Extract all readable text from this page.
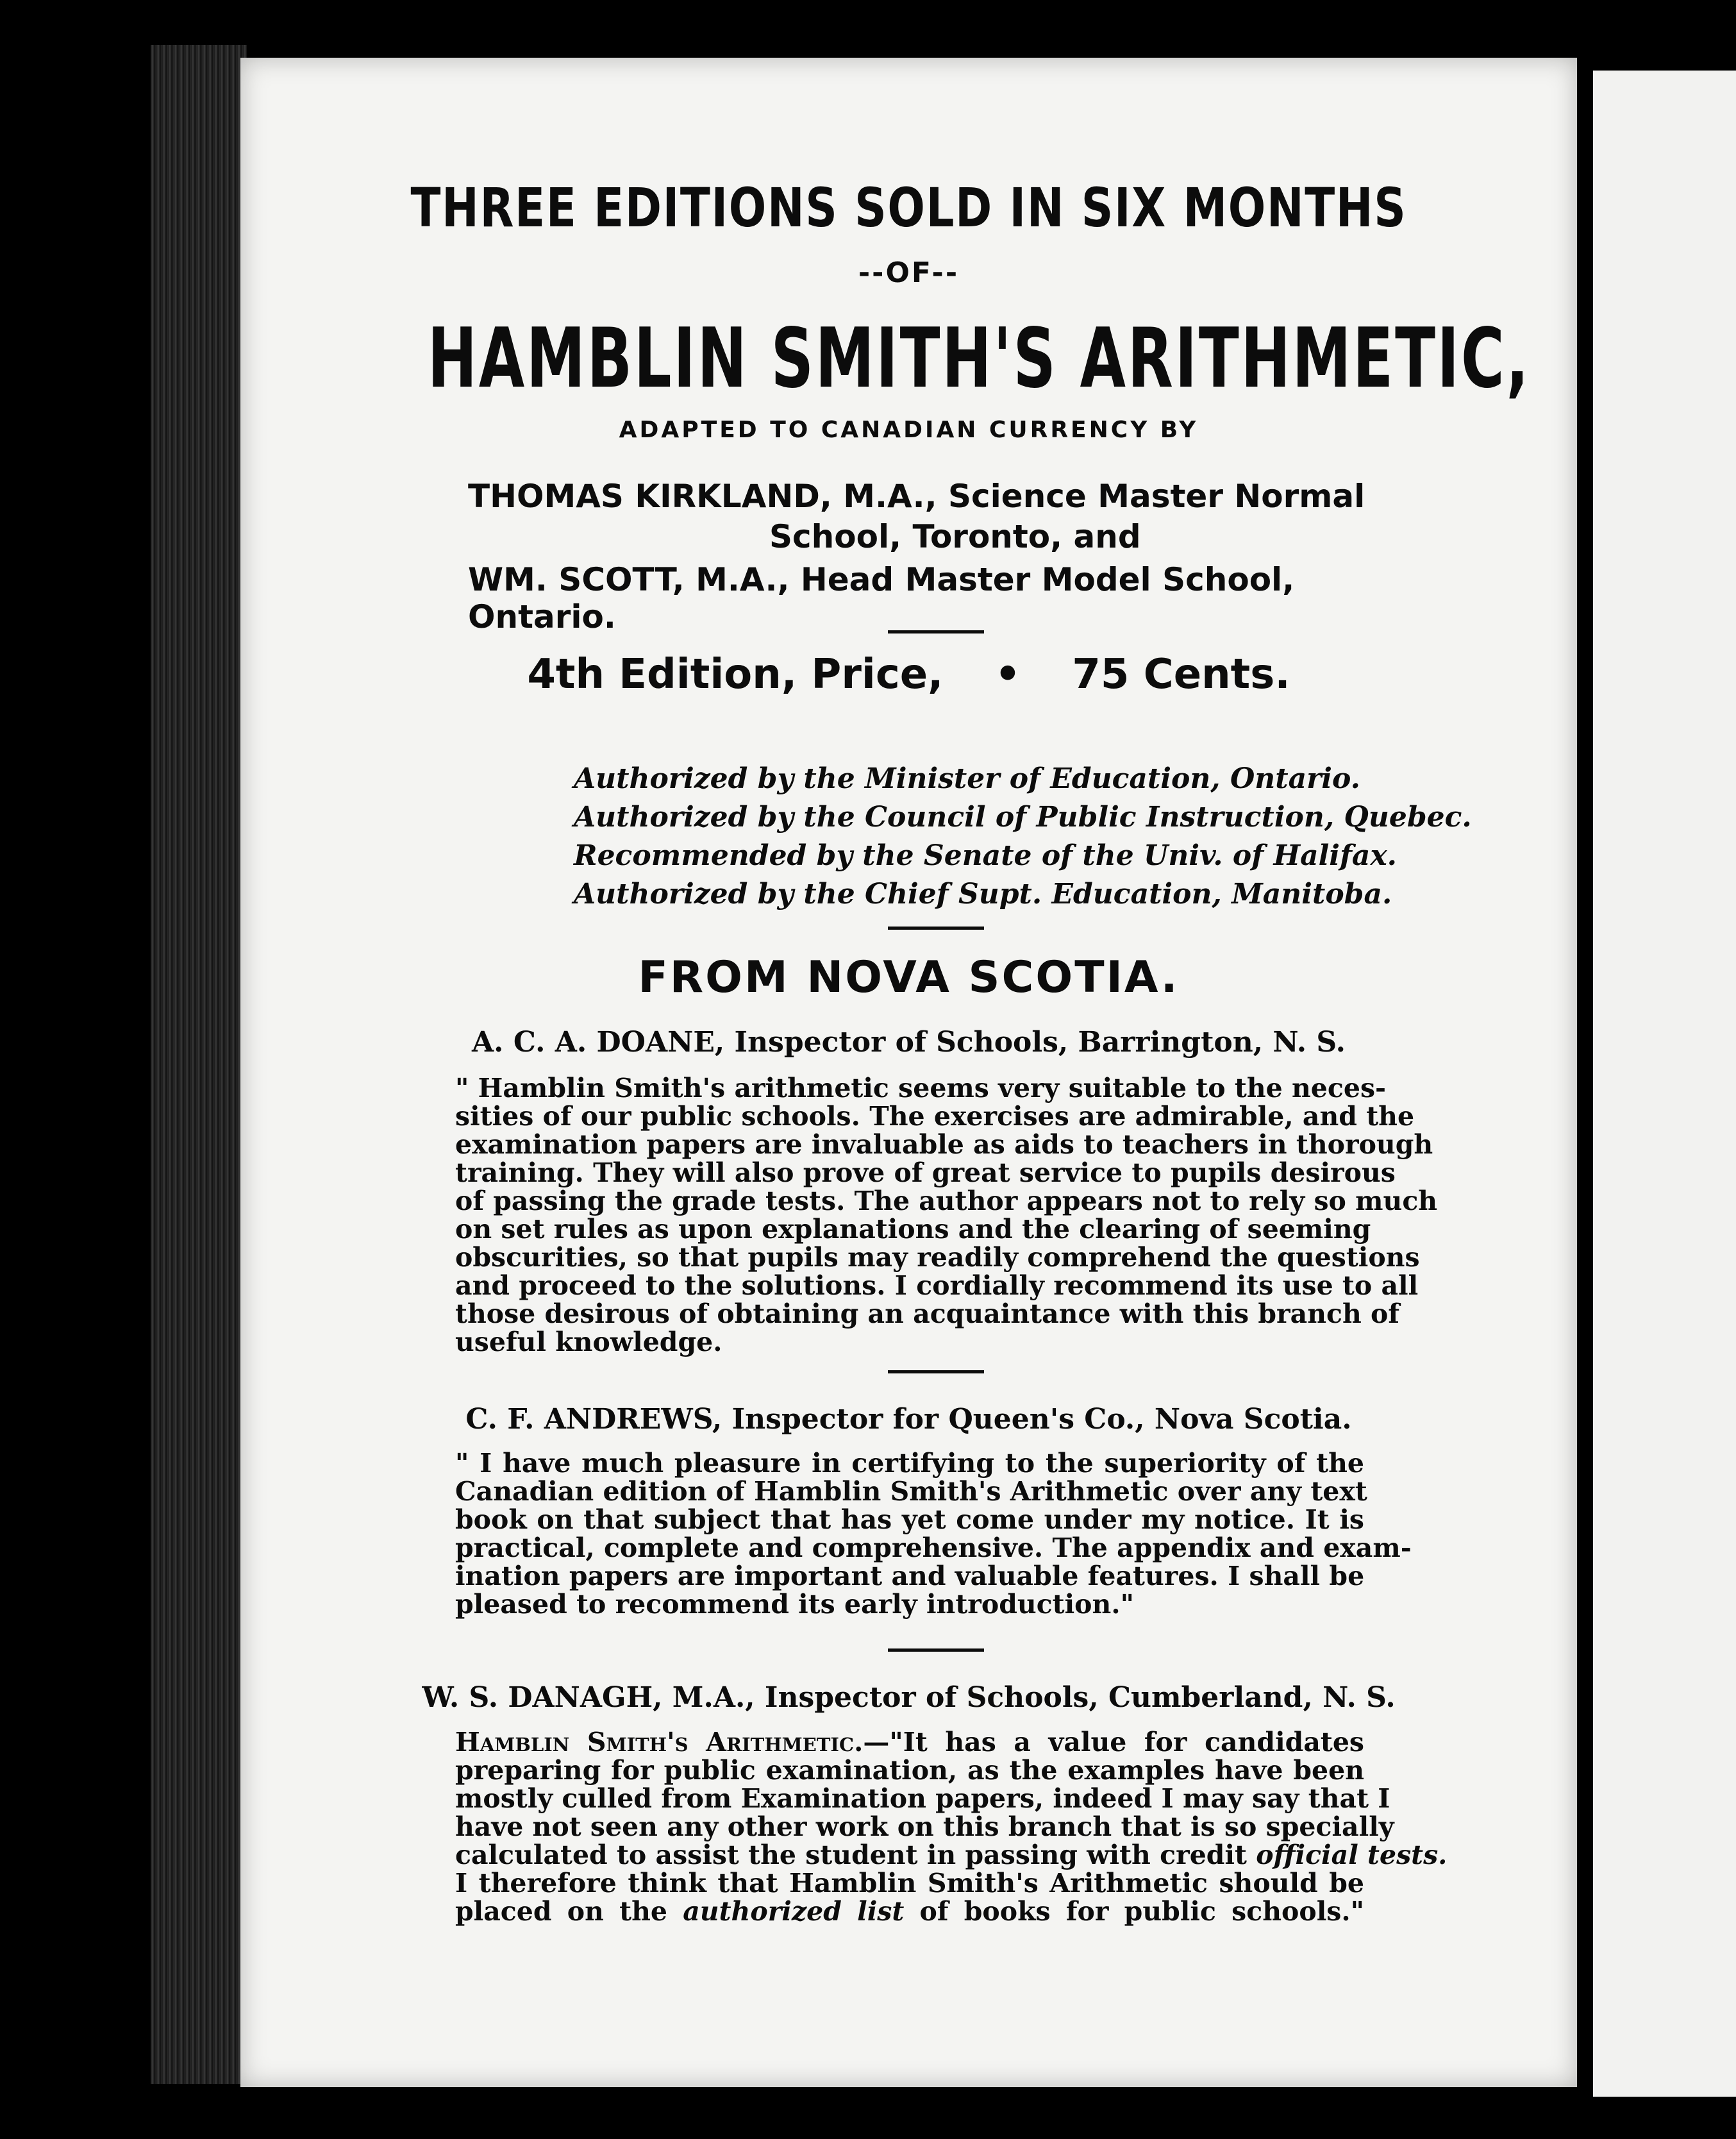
THREE EDITIONS SOLD IN SIX MONTHS
--OF--
HAMBLIN SMITH'S ARITHMETIC,
ADAPTED TO CANADIAN CURRENCY BY
THOMAS KIRKLAND, M.A., Science Master Normal
School, Toronto, and
WM. SCOTT, M.A., Head Master Model School, Ontario.
4th Edition, Price, • 75 Cents.
Authorized by the Minister of Education, Ontario.
Authorized by the Council of Public Instruction, Quebec.
Recommended by the Senate of the Univ. of Halifax.
Authorized by the Chief Supt. Education, Manitoba.
FROM NOVA SCOTIA.
A. C. A. DOANE, Inspector of Schools, Barrington, N. S.
" Hamblin Smith's arithmetic seems very suitable to the neces-
sities of our public schools. The exercises are admirable, and the
examination papers are invaluable as aids to teachers in thorough
training. They will also prove of great service to pupils desirous
of passing the grade tests. The author appears not to rely so much
on set rules as upon explanations and the clearing of seeming
obscurities, so that pupils may readily comprehend the questions
and proceed to the solutions. I cordially recommend its use to all
those desirous of obtaining an acquaintance with this branch of
useful knowledge.
C. F. ANDREWS, Inspector for Queen's Co., Nova Scotia.
" I have much pleasure in certifying to the superiority of the
Canadian edition of Hamblin Smith's Arithmetic over any text
book on that subject that has yet come under my notice. It is
practical, complete and comprehensive. The appendix and exam-
ination papers are important and valuable features. I shall be
pleased to recommend its early introduction."
W. S. DANAGH, M.A., Inspector of Schools, Cumberland, N. S.
Hamblin Smith's Arithmetic.—"It has a value for candidates
preparing for public examination, as the examples have been
mostly culled from Examination papers, indeed I may say that I
have not seen any other work on this branch that is so specially
calculated to assist the student in passing with credit official tests.
I therefore think that Hamblin Smith's Arithmetic should be
placed on the authorized list of books for public schools."
